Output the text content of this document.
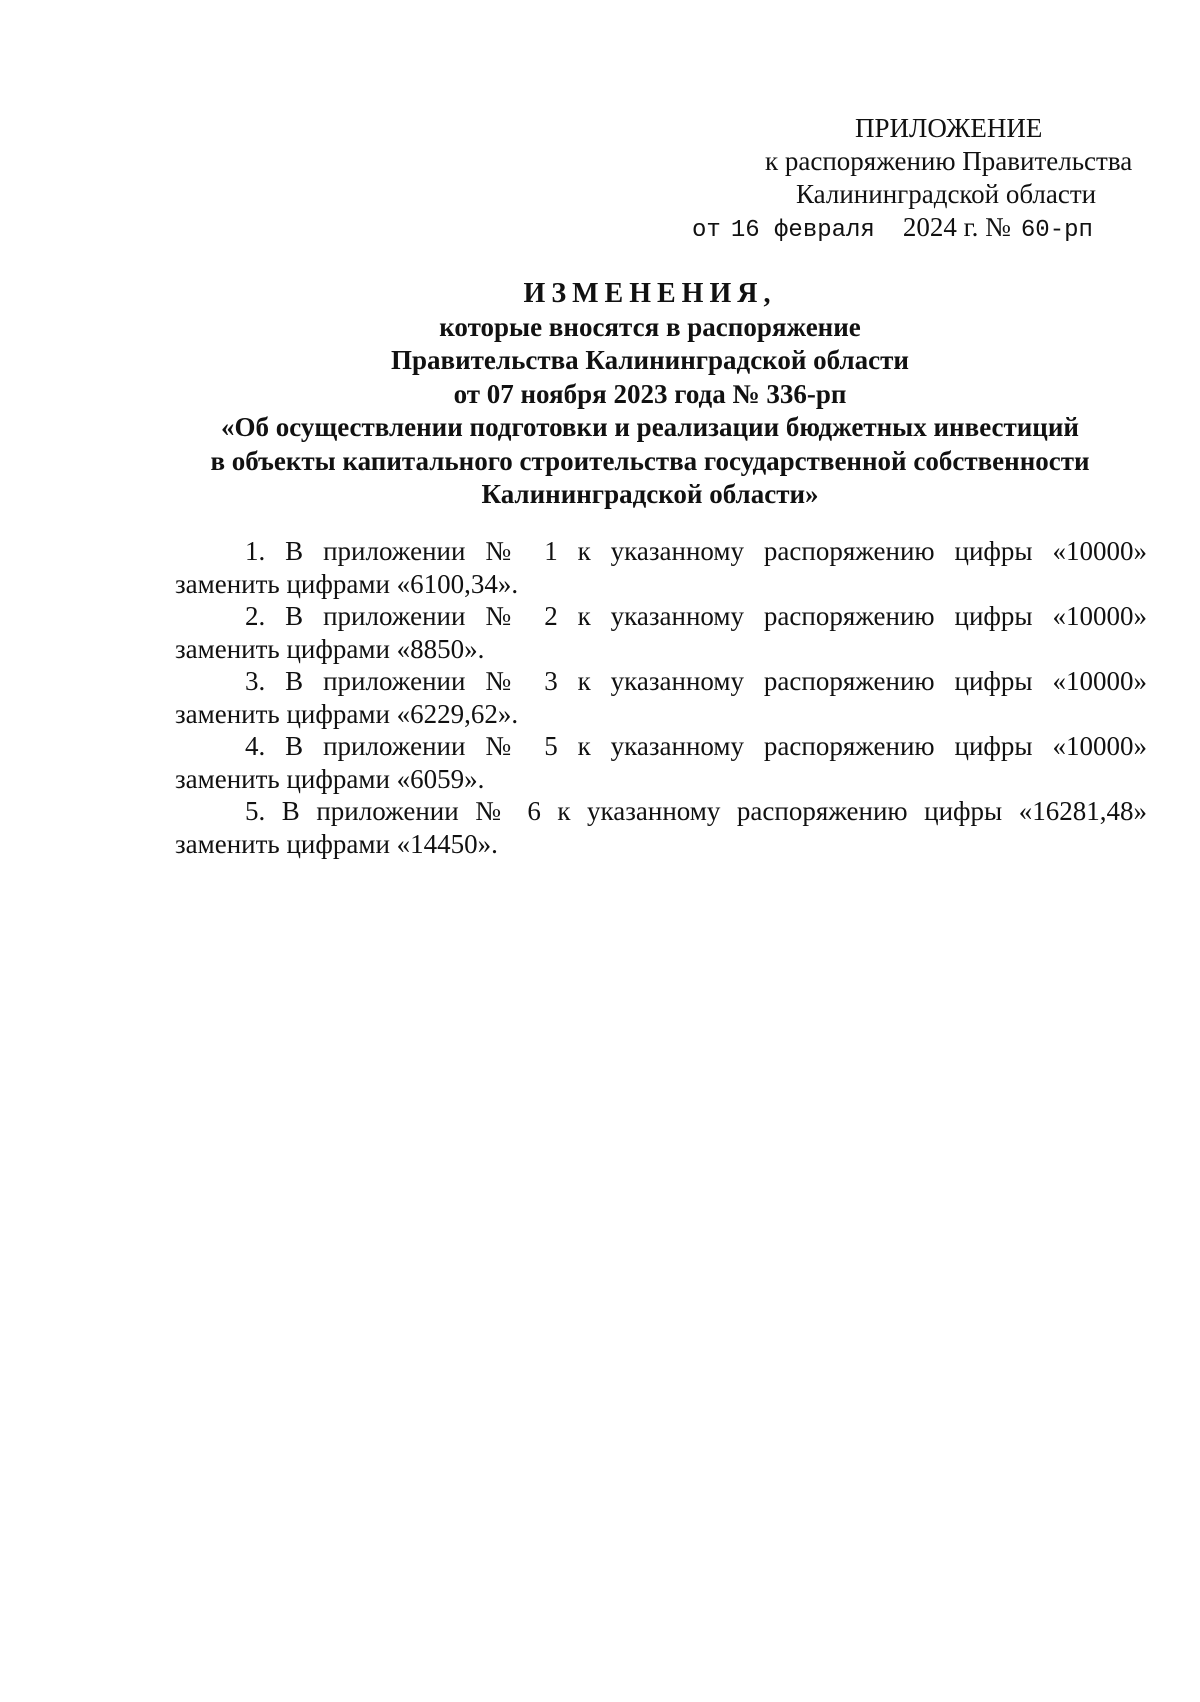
ПРИЛОЖЕНИЕ
к распоряжению Правительства
Калининградской области
от 16 февраля 2024 г. № 60-рп
ИЗМЕНЕНИЯ,
которые вносятся в распоряжение
Правительства Калининградской области
от 07 ноября 2023 года № 336-рп
«Об осуществлении подготовки и реализации бюджетных инвестиций
в объекты капитального строительства государственной собственности
Калининградской области»
1. В приложении № 1 к указанному распоряжению цифры «10000»
заменить цифрами «6100,34».
2. В приложении № 2 к указанному распоряжению цифры «10000»
заменить цифрами «8850».
3. В приложении № 3 к указанному распоряжению цифры «10000»
заменить цифрами «6229,62».
4. В приложении № 5 к указанному распоряжению цифры «10000»
заменить цифрами «6059».
5. В приложении № 6 к указанному распоряжению цифры «16281,48»
заменить цифрами «14450».
